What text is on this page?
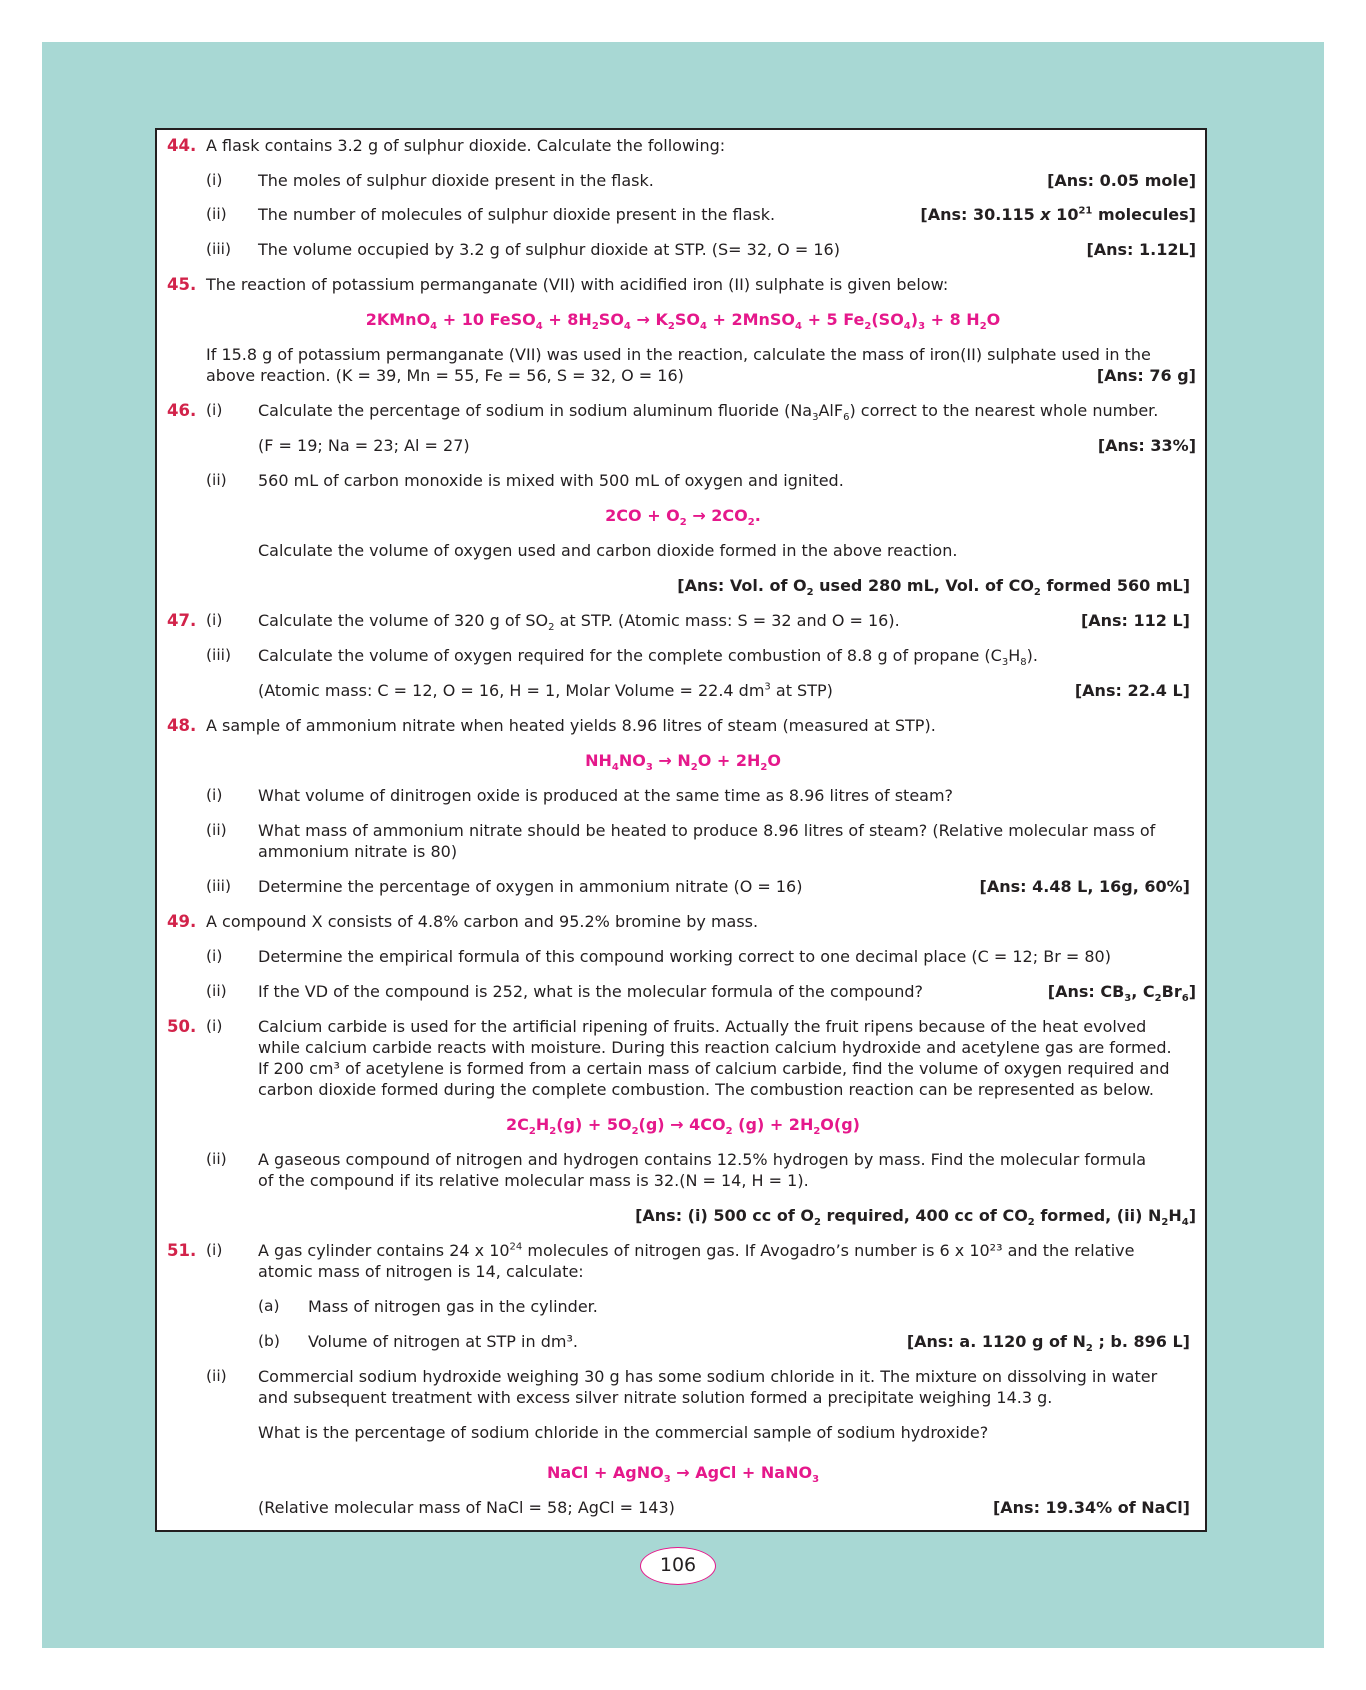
44. A flask contains 3.2 g of sulphur dioxide. Calculate the following:
(i) The moles of sulphur dioxide present in the flask.	[Ans: 0.05 mole]
(ii) The number of molecules of sulphur dioxide present in the flask.	[Ans: 30.115 x $10^{21}$ molecules]
(iii) The volume occupied by 3.2 g of sulphur dioxide at STP. (S= 32, O = 16)	[Ans: 1.12L]
45. The reaction of potassium permanganate (VII) with acidified iron (II) sulphate is given below:
2KMnO$_4$ + 10 FeSO$_4$ + $8H_2SO_4 \to K_2SO_4$ + 2MnSO$_4$ + 5 $Fe_2(SO_4)_3 + 8$ $H_2O$
If 15.8 g of potassium permanganate (VII) was used in the reaction, calculate the mass of iron(II) sulphate used in the
above reaction. (K = 39, Mn = 55, Fe = 56, S = 32, O = 16)	[Ans: 76 g]
46. (i) Calculate the percentage of sodium in sodium aluminum fluoride $(Na_3AlF_6)$ correct to the nearest whole number.
(F = 19; Na = 23; Al = 27)	[Ans: 33%]
(ii) 560 mL of carbon monoxide is mixed with 500 mL of oxygen and ignited.
$2CO + O_2 \to 2CO_2$.
Calculate the volume of oxygen used and carbon dioxide formed in the above reaction.
[Ans: Vol. of $O_2$ used 280 mL, Vol. of $CO_2$ formed 560 mL]
47. (i) Calculate the volume of 320 g of $SO_2$ at STP. (Atomic mass: S = 32 and O = 16).	[Ans: 112 L]
(iii) Calculate the volume of oxygen required for the complete combustion of 8.8 g of propane $(C_3H_8)$.
(Atomic mass: C = 12, O = 16, H = 1, Molar Volume = 22.4 $dm^3$ at STP)	[Ans: 22.4 L]
48. A sample of ammonium nitrate when heated yields 8.96 litres of steam (measured at STP).
$NH_4NO_3 \to N_2O + 2H_2O$
(i) What volume of dinitrogen oxide is produced at the same time as 8.96 litres of steam?
(ii) What mass of ammonium nitrate should be heated to produce 8.96 litres of steam? (Relative molecular mass of
ammonium nitrate is 80)
(iii) Determine the percentage of oxygen in ammonium nitrate (O = 16)	[Ans: 4.48 L, 16g, 60%]
49. A compound X consists of 4.8% carbon and 95.2% bromine by mass.
(i) Determine the empirical formula of this compound working correct to one decimal place (C = 12; Br = 80)
(ii) If the VD of the compound is 252, what is the molecular formula of the compound?	[Ans: $CB_3$, $C_2Br_6$]
50. (i) Calcium carbide is used for the artificial ripening of fruits. Actually the fruit ripens because of the heat evolved
while calcium carbide reacts with moisture. During this reaction calcium hydroxide and acetylene gas are formed.
If 200 cm³ of acetylene is formed from a certain mass of calcium carbide, find the volume of oxygen required and
carbon dioxide formed during the complete combustion. The combustion reaction can be represented as below.
$2C_2H_2(g) + 5O_2(g) \to 4CO_2$ $(g) + 2H_2O(g)$
(ii) A gaseous compound of nitrogen and hydrogen contains 12.5% hydrogen by mass. Find the molecular formula
of the compound if its relative molecular mass is 32.(N = 14, H = 1).
[Ans: (i) 500 cc of $O_2$ required, 400 cc of $CO_2$ formed, (ii) $N_2H_4$]
51. (i) A gas cylinder contains 24 x $10^{24}$ molecules of nitrogen gas. If Avogadro’s number is 6 x 10²³ and the relative
atomic mass of nitrogen is 14, calculate:
(a) Mass of nitrogen gas in the cylinder.
(b) Volume of nitrogen at STP in dm³.	[Ans: a. 1120 g of $N_2$ ; b. 896 L]
(ii) Commercial sodium hydroxide weighing 30 g has some sodium chloride in it. The mixture on dissolving in water
and subsequent treatment with excess silver nitrate solution formed a precipitate weighing 14.3 g.
What is the percentage of sodium chloride in the commercial sample of sodium hydroxide?
NaCl + AgNO$_3$ → AgCl + NaNO$_3$
(Relative molecular mass of NaCl = 58; AgCl = 143)	[Ans: 19.34% of NaCl]
106
